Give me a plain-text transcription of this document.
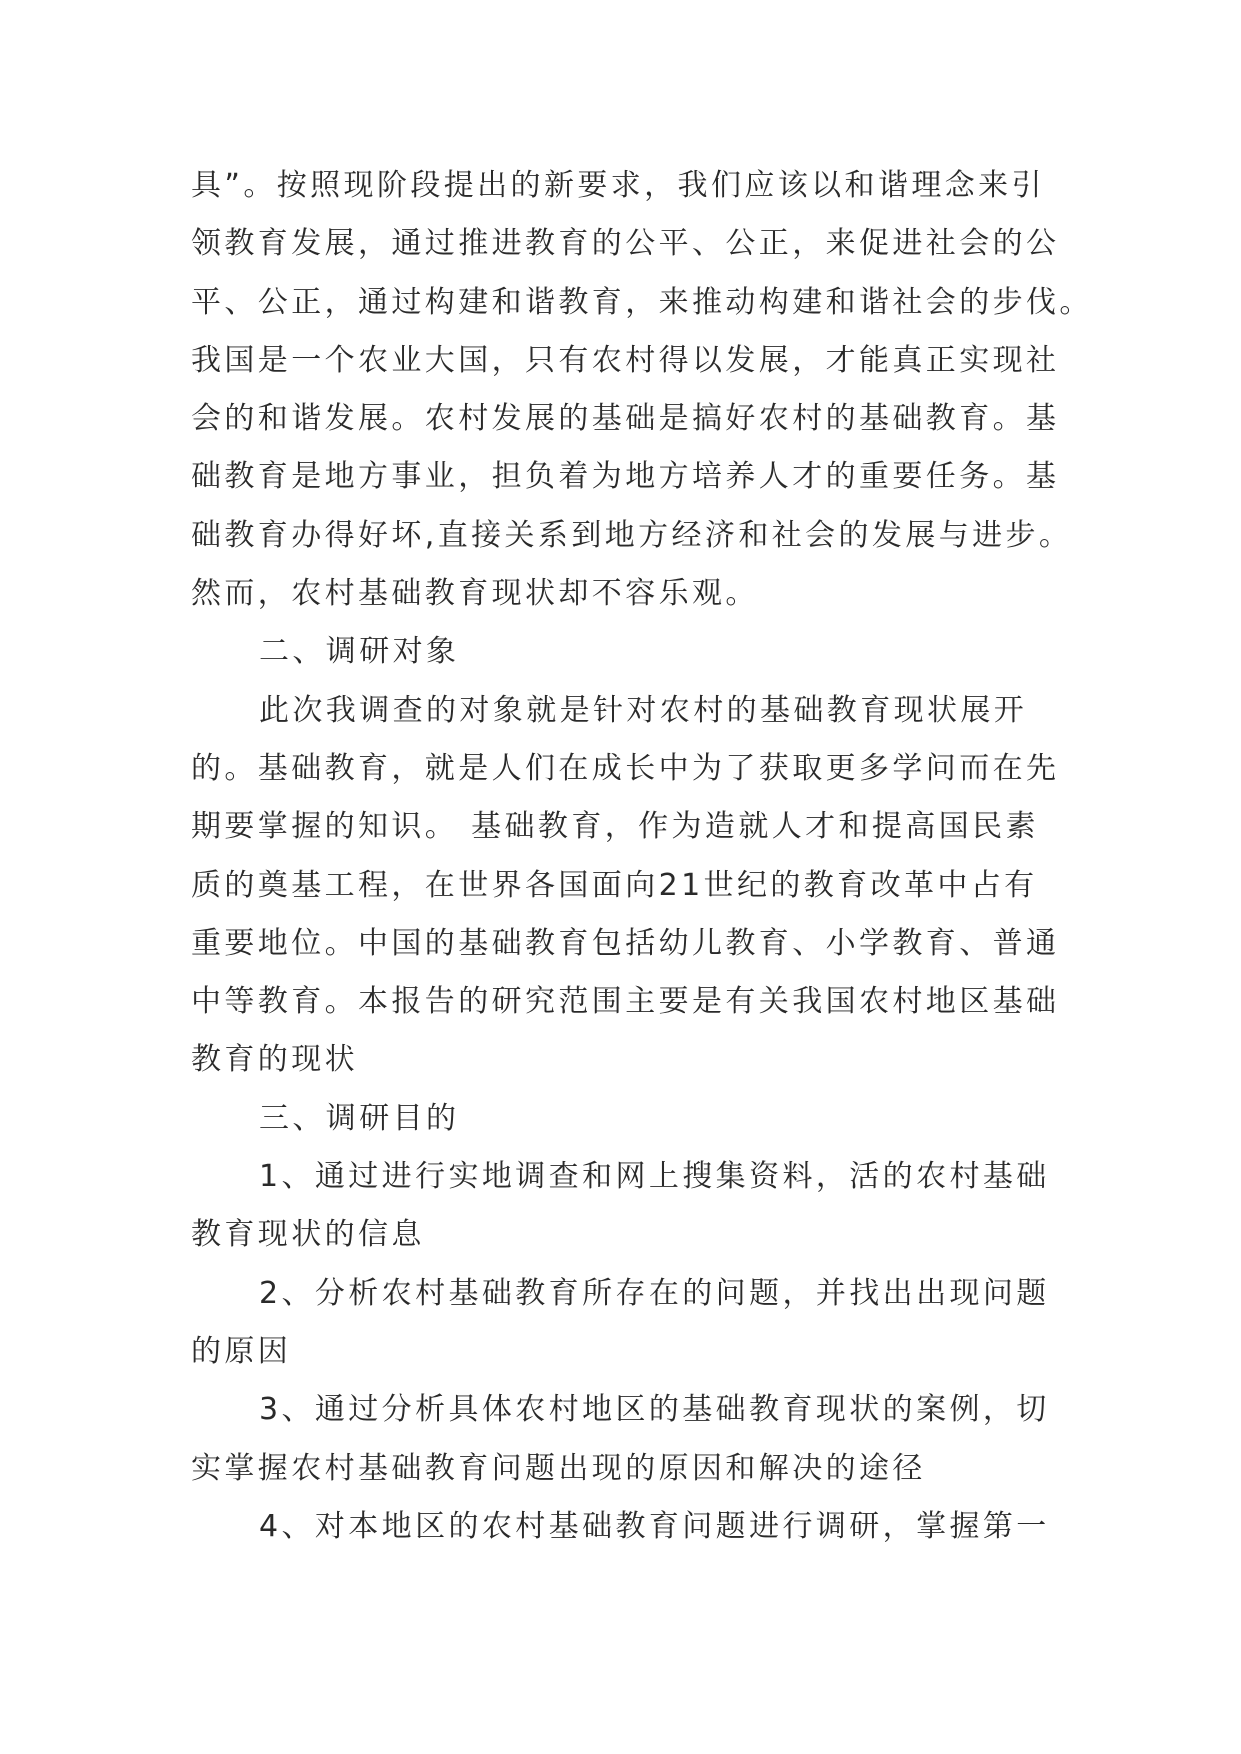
具”。按照现阶段提出的新要求，我们应该以和谐理念来引
领教育发展，通过推进教育的公平、公正，来促进社会的公
平、公正，通过构建和谐教育，来推动构建和谐社会的步伐。
我国是一个农业大国，只有农村得以发展，才能真正实现社
会的和谐发展。农村发展的基础是搞好农村的基础教育。基
础教育是地方事业，担负着为地方培养人才的重要任务。基
础教育办得好坏,直接关系到地方经济和社会的发展与进步。
然而，农村基础教育现状却不容乐观。
二、调研对象
此次我调查的对象就是针对农村的基础教育现状展开
的。基础教育，就是人们在成长中为了获取更多学问而在先
期要掌握的知识。 基础教育，作为造就人才和提高国民素
质的奠基工程，在世界各国面向21世纪的教育改革中占有
重要地位。中国的基础教育包括幼儿教育、小学教育、普通
中等教育。本报告的研究范围主要是有关我国农村地区基础
教育的现状
三、调研目的
1、通过进行实地调查和网上搜集资料，活的农村基础
教育现状的信息
2、分析农村基础教育所存在的问题，并找出出现问题
的原因
3、通过分析具体农村地区的基础教育现状的案例，切
实掌握农村基础教育问题出现的原因和解决的途径
4、对本地区的农村基础教育问题进行调研，掌握第一
